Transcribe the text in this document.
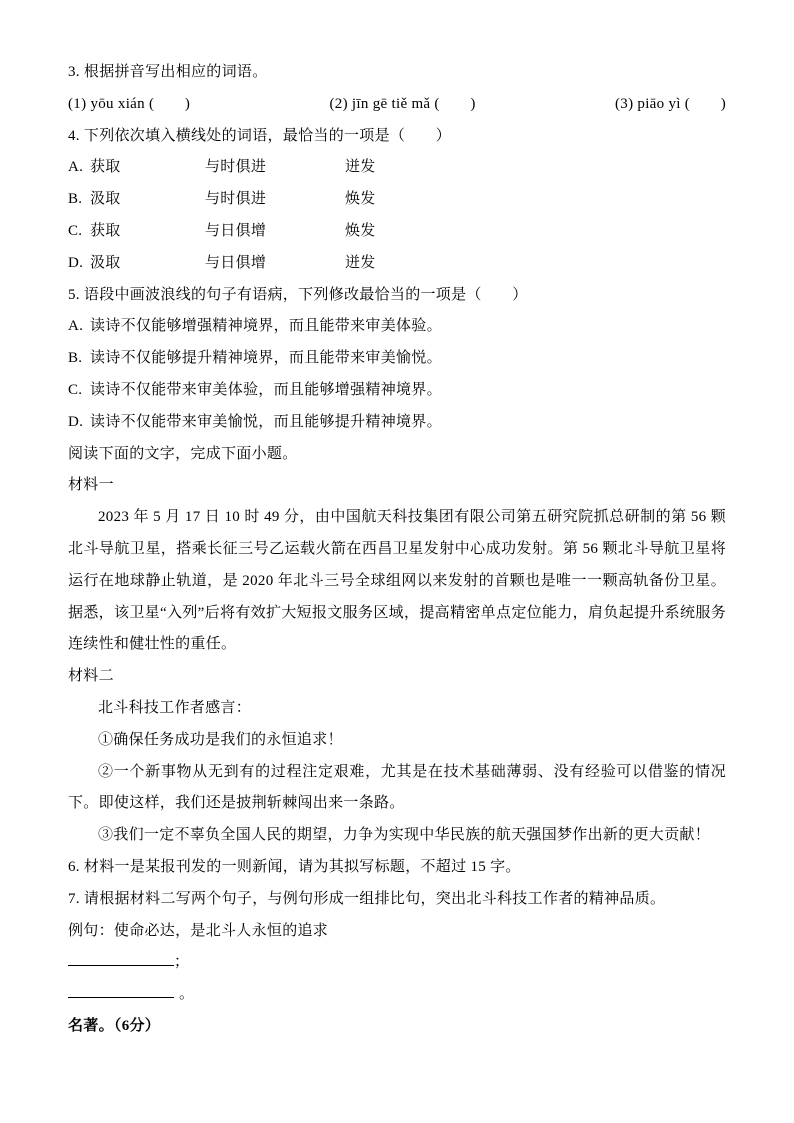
3. 根据拼音写出相应的词语。
(1) yōu xián (　　)	(2) jīn gē tiě mǎ (　　)	(3) piāo yì (　　)
4. 下列依次填入横线处的词语，最恰当的一项是（　　）
A. 获取	与时俱进	迸发
B. 汲取	与时俱进	焕发
C. 获取	与日俱增	焕发
D. 汲取	与日俱增	迸发
5. 语段中画波浪线的句子有语病，下列修改最恰当的一项是（　　）
A. 读诗不仅能够增强精神境界，而且能带来审美体验。
B. 读诗不仅能够提升精神境界，而且能带来审美愉悦。
C. 读诗不仅能带来审美体验，而且能够增强精神境界。
D. 读诗不仅能带来审美愉悦，而且能够提升精神境界。
阅读下面的文字，完成下面小题。
材料一
2023 年 5 月 17 日 10 时 49 分，由中国航天科技集团有限公司第五研究院抓总研制的第 56 颗北斗导航卫星，搭乘长征三号乙运载火箭在西昌卫星发射中心成功发射。第 56 颗北斗导航卫星将运行在地球静止轨道，是 2020 年北斗三号全球组网以来发射的首颗也是唯一一颗高轨备份卫星。据悉，该卫星“入列”后将有效扩大短报文服务区域，提高精密单点定位能力，肩负起提升系统服务连续性和健壮性的重任。
材料二
北斗科技工作者感言：
①确保任务成功是我们的永恒追求！
②一个新事物从无到有的过程注定艰难，尤其是在技术基础薄弱、没有经验可以借鉴的情况下。即使这样，我们还是披荆斩棘闯出来一条路。
③我们一定不辜负全国人民的期望，力争为实现中华民族的航天强国梦作出新的更大贡献！
6. 材料一是某报刊发的一则新闻，请为其拟写标题，不超过 15 字。
7. 请根据材料二写两个句子，与例句形成一组排比句，突出北斗科技工作者的精神品质。
例句：使命必达，是北斗人永恒的追求
；
。
名著。（6分）
